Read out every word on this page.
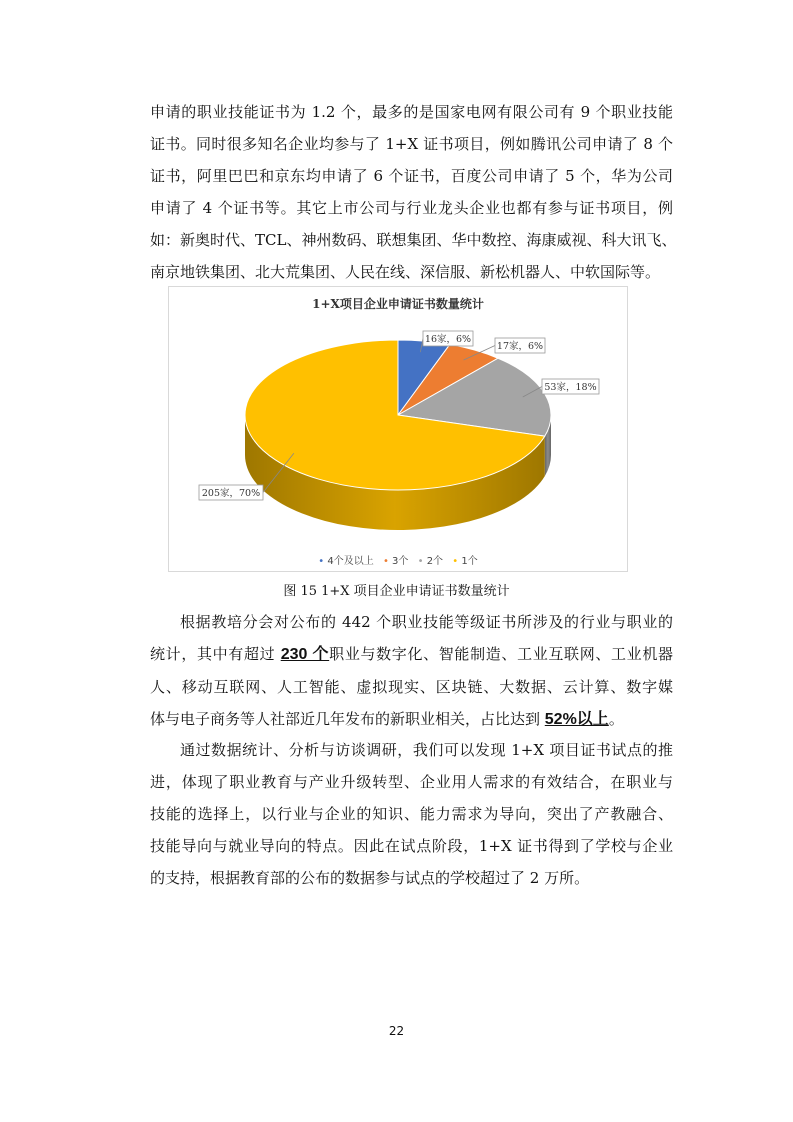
申请的职业技能证书为 1.2 个，最多的是国家电网有限公司有 9 个职业技能
证书。同时很多知名企业均参与了 1+X 证书项目，例如腾讯公司申请了 8 个
证书，阿里巴巴和京东均申请了 6 个证书，百度公司申请了 5 个，华为公司
申请了 4 个证书等。其它上市公司与行业龙头企业也都有参与证书项目，例
如：新奥时代、TCL、神州数码、联想集团、华中数控、海康威视、科大讯飞、
南京地铁集团、北大荒集团、人民在线、深信服、新松机器人、中软国际等。

16家，6%
17家，6%
53家，18%
205家，70%
1+X项目企业申请证书数量统计
• 4个及以上 • 3个 • 2个 • 1个
图 15 1+X 项目企业申请证书数量统计

根据教培分会对公布的 442 个职业技能等级证书所涉及的行业与职业的
统计，其中有超过 230 个职业与数字化、智能制造、工业互联网、工业机器
人、移动互联网、人工智能、虚拟现实、区块链、大数据、云计算、数字媒
体与电子商务等人社部近几年发布的新职业相关，占比达到 52%以上。

通过数据统计、分析与访谈调研，我们可以发现 1+X 项目证书试点的推
进，体现了职业教育与产业升级转型、企业用人需求的有效结合，在职业与
技能的选择上，以行业与企业的知识、能力需求为导向，突出了产教融合、
技能导向与就业导向的特点。因此在试点阶段，1+X 证书得到了学校与企业
的支持，根据教育部的公布的数据参与试点的学校超过了 2 万所。

22
